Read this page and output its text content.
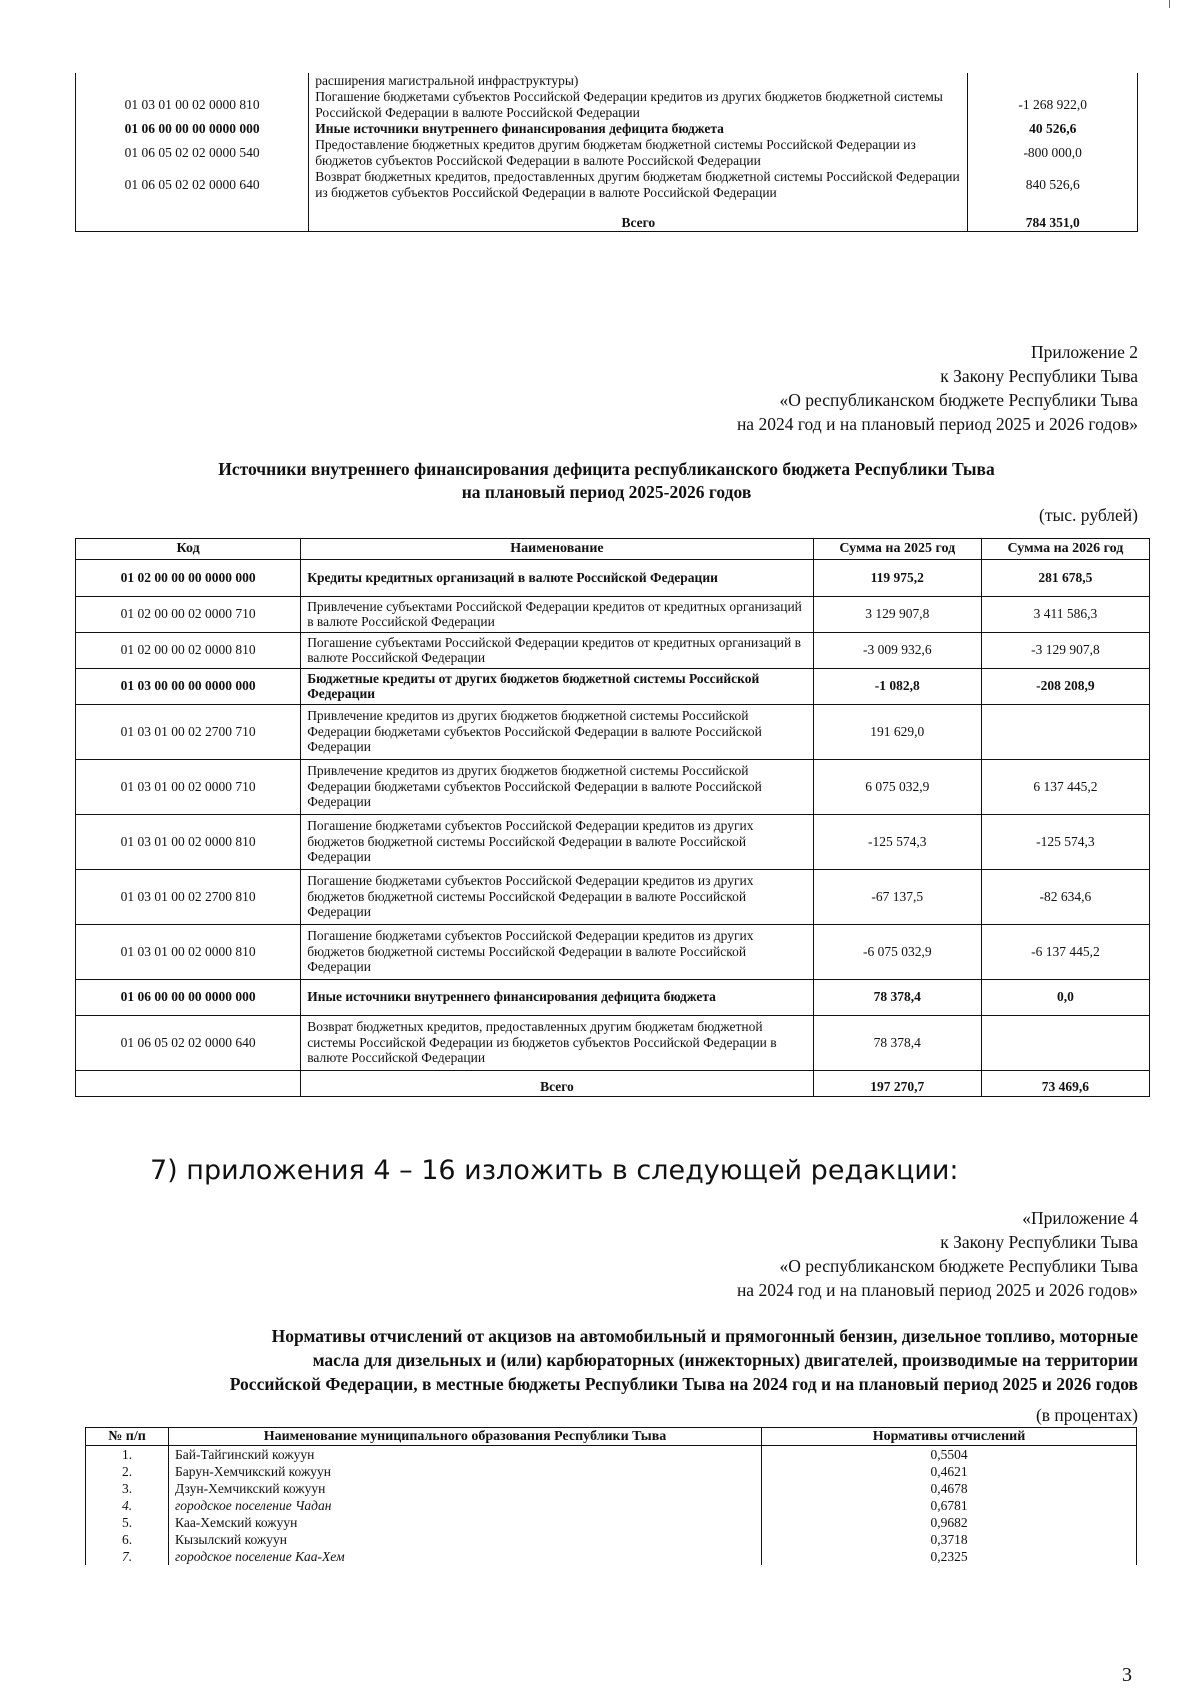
	расширения магистральной инфраструктуры)	
01 03 01 00 02 0000 810	Погашение бюджетами субъектов Российской Федерации кредитов из других бюджетов бюджетной системы Российской Федерации в валюте Российской Федерации	-1 268 922,0
01 06 00 00 00 0000 000	Иные источники внутреннего финансирования дефицита бюджета	40 526,6
01 06 05 02 02 0000 540	Предоставление бюджетных кредитов другим бюджетам бюджетной системы Российской Федерации из бюджетов субъектов Российской Федерации в валюте Российской Федерации	-800 000,0
01 06 05 02 02 0000 640	Возврат бюджетных кредитов, предоставленных другим бюджетам бюджетной системы Российской Федерации из бюджетов субъектов Российской Федерации в валюте Российской Федерации	840 526,6
	Всего	784 351,0
Приложение 2
к Закону Республики Тыва
«О республиканском бюджете Республики Тыва
на 2024 год и на плановый период 2025 и 2026 годов»
Источники внутреннего финансирования дефицита республиканского бюджета Республики Тыва
на плановый период 2025-2026 годов
(тыс. рублей)
Код	Наименование	Сумма на 2025 год	Сумма на 2026 год
01 02 00 00 00 0000 000	Кредиты кредитных организаций в валюте Российской Федерации	119 975,2	281 678,5
01 02 00 00 02 0000 710	Привлечение субъектами Российской Федерации кредитов от кредитных организаций в валюте Российской Федерации	3 129 907,8	3 411 586,3
01 02 00 00 02 0000 810	Погашение субъектами Российской Федерации кредитов от кредитных организаций в валюте Российской Федерации	-3 009 932,6	-3 129 907,8
01 03 00 00 00 0000 000	Бюджетные кредиты от других бюджетов бюджетной системы Российской Федерации	-1 082,8	-208 208,9
01 03 01 00 02 2700 710	Привлечение кредитов из других бюджетов бюджетной системы Российской Федерации бюджетами субъектов Российской Федерации в валюте Российской Федерации	191 629,0	
01 03 01 00 02 0000 710	Привлечение кредитов из других бюджетов бюджетной системы Российской Федерации бюджетами субъектов Российской Федерации в валюте Российской Федерации	6 075 032,9	6 137 445,2
01 03 01 00 02 0000 810	Погашение бюджетами субъектов Российской Федерации кредитов из других бюджетов бюджетной системы Российской Федерации в валюте Российской Федерации	-125 574,3	-125 574,3
01 03 01 00 02 2700 810	Погашение бюджетами субъектов Российской Федерации кредитов из других бюджетов бюджетной системы Российской Федерации в валюте Российской Федерации	-67 137,5	-82 634,6
01 03 01 00 02 0000 810	Погашение бюджетами субъектов Российской Федерации кредитов из других бюджетов бюджетной системы Российской Федерации в валюте Российской Федерации	-6 075 032,9	-6 137 445,2
01 06 00 00 00 0000 000	Иные источники внутреннего финансирования дефицита бюджета	78 378,4	0,0
01 06 05 02 02 0000 640	Возврат бюджетных кредитов, предоставленных другим бюджетам бюджетной системы Российской Федерации из бюджетов субъектов Российской Федерации в валюте Российской Федерации	78 378,4	
	Всего	197 270,7	73 469,6
7) приложения 4 – 16 изложить в следующей редакции:
«Приложение 4
к Закону Республики Тыва
«О республиканском бюджете Республики Тыва
на 2024 год и на плановый период 2025 и 2026 годов»
Нормативы отчислений от акцизов на автомобильный и прямогонный бензин, дизельное топливо, моторные
масла для дизельных и (или) карбюраторных (инжекторных) двигателей, производимые на территории
Российской Федерации, в местные бюджеты Республики Тыва на 2024 год и на плановый период 2025 и 2026 годов
(в процентах)
№ п/п	Наименование муниципального образования Республики Тыва	Нормативы отчислений
1.	Бай-Тайгинский кожуун	0,5504
2.	Барун-Хемчикский кожуун	0,4621
3.	Дзун-Хемчикский кожуун	0,4678
4.	городское поселение Чадан	0,6781
5.	Каа-Хемский кожуун	0,9682
6.	Кызылский кожуун	0,3718
7.	городское поселение Каа-Хем	0,2325
3
